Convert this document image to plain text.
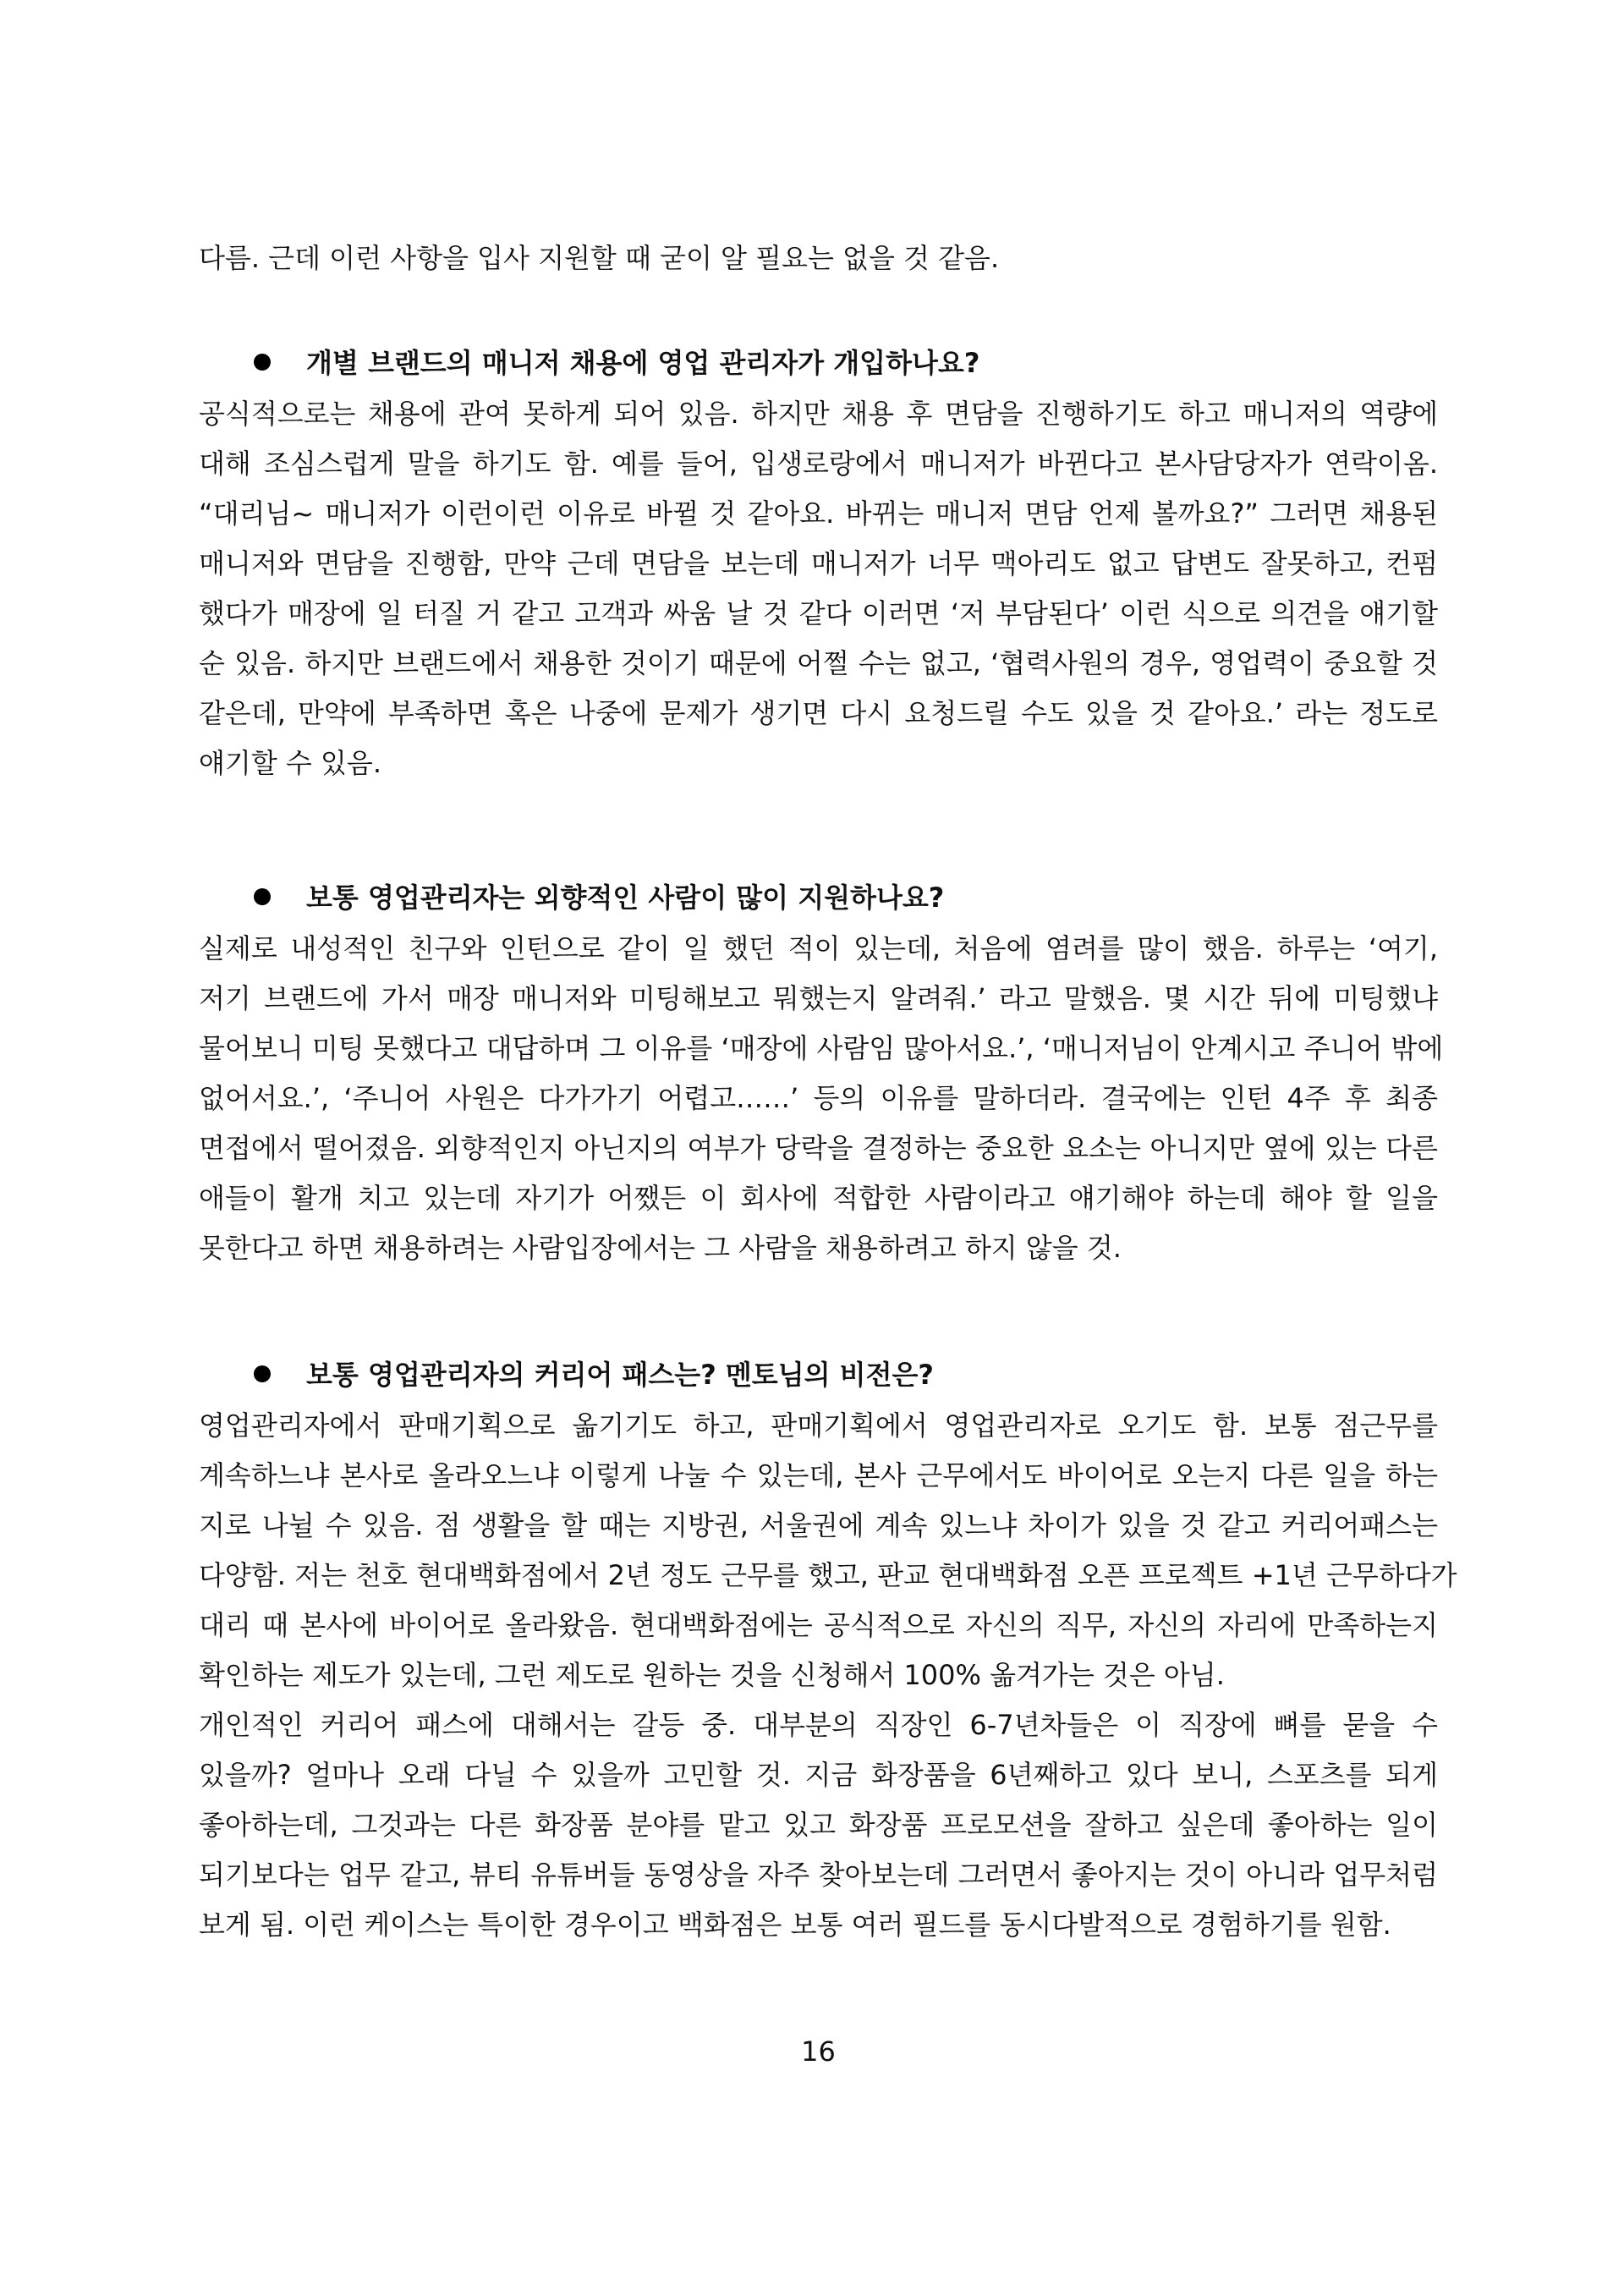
다름. 근데 이런 사항을 입사 지원할 때 굳이 알 필요는 없을 것 같음.
개별 브랜드의 매니저 채용에 영업 관리자가 개입하나요?
공식적으로는 채용에 관여 못하게 되어 있음. 하지만 채용 후 면담을 진행하기도 하고 매니저의 역량에
대해 조심스럽게 말을 하기도 함. 예를 들어, 입생로랑에서 매니저가 바뀐다고 본사담당자가 연락이옴.
“대리님~ 매니저가 이런이런 이유로 바뀔 것 같아요. 바뀌는 매니저 면담 언제 볼까요?” 그러면 채용된
매니저와 면담을 진행함, 만약 근데 면담을 보는데 매니저가 너무 맥아리도 없고 답변도 잘못하고, 컨펌
했다가 매장에 일 터질 거 같고 고객과 싸움 날 것 같다 이러면 ‘저 부담된다’ 이런 식으로 의견을 얘기할
순 있음. 하지만 브랜드에서 채용한 것이기 때문에 어쩔 수는 없고, ‘협력사원의 경우, 영업력이 중요할 것
같은데, 만약에 부족하면 혹은 나중에 문제가 생기면 다시 요청드릴 수도 있을 것 같아요.’ 라는 정도로
얘기할 수 있음.
보통 영업관리자는 외향적인 사람이 많이 지원하나요?
실제로 내성적인 친구와 인턴으로 같이 일 했던 적이 있는데, 처음에 염려를 많이 했음. 하루는 ‘여기,
저기 브랜드에 가서 매장 매니저와 미팅해보고 뭐했는지 알려줘.’ 라고 말했음. 몇 시간 뒤에 미팅했냐
물어보니 미팅 못했다고 대답하며 그 이유를 ‘매장에 사람임 많아서요.’, ‘매니저님이 안계시고 주니어 밖에
없어서요.’, ‘주니어 사원은 다가가기 어렵고……’ 등의 이유를 말하더라. 결국에는 인턴 4주 후 최종
면접에서 떨어졌음. 외향적인지 아닌지의 여부가 당락을 결정하는 중요한 요소는 아니지만 옆에 있는 다른
애들이 활개 치고 있는데 자기가 어쨌든 이 회사에 적합한 사람이라고 얘기해야 하는데 해야 할 일을
못한다고 하면 채용하려는 사람입장에서는 그 사람을 채용하려고 하지 않을 것.
보통 영업관리자의 커리어 패스는? 멘토님의 비전은?
영업관리자에서 판매기획으로 옮기기도 하고, 판매기획에서 영업관리자로 오기도 함. 보통 점근무를
계속하느냐 본사로 올라오느냐 이렇게 나눌 수 있는데, 본사 근무에서도 바이어로 오는지 다른 일을 하는
지로 나뉠 수 있음. 점 생활을 할 때는 지방권, 서울권에 계속 있느냐 차이가 있을 것 같고 커리어패스는
다양함. 저는 천호 현대백화점에서 2년 정도 근무를 했고, 판교 현대백화점 오픈 프로젝트 +1년 근무하다가
대리 때 본사에 바이어로 올라왔음. 현대백화점에는 공식적으로 자신의 직무, 자신의 자리에 만족하는지
확인하는 제도가 있는데, 그런 제도로 원하는 것을 신청해서 100% 옮겨가는 것은 아님.
개인적인 커리어 패스에 대해서는 갈등 중. 대부분의 직장인 6-7년차들은 이 직장에 뼈를 묻을 수
있을까? 얼마나 오래 다닐 수 있을까 고민할 것. 지금 화장품을 6년째하고 있다 보니, 스포츠를 되게
좋아하는데, 그것과는 다른 화장품 분야를 맡고 있고 화장품 프로모션을 잘하고 싶은데 좋아하는 일이
되기보다는 업무 같고, 뷰티 유튜버들 동영상을 자주 찾아보는데 그러면서 좋아지는 것이 아니라 업무처럼
보게 됨. 이런 케이스는 특이한 경우이고 백화점은 보통 여러 필드를 동시다발적으로 경험하기를 원함.
16
